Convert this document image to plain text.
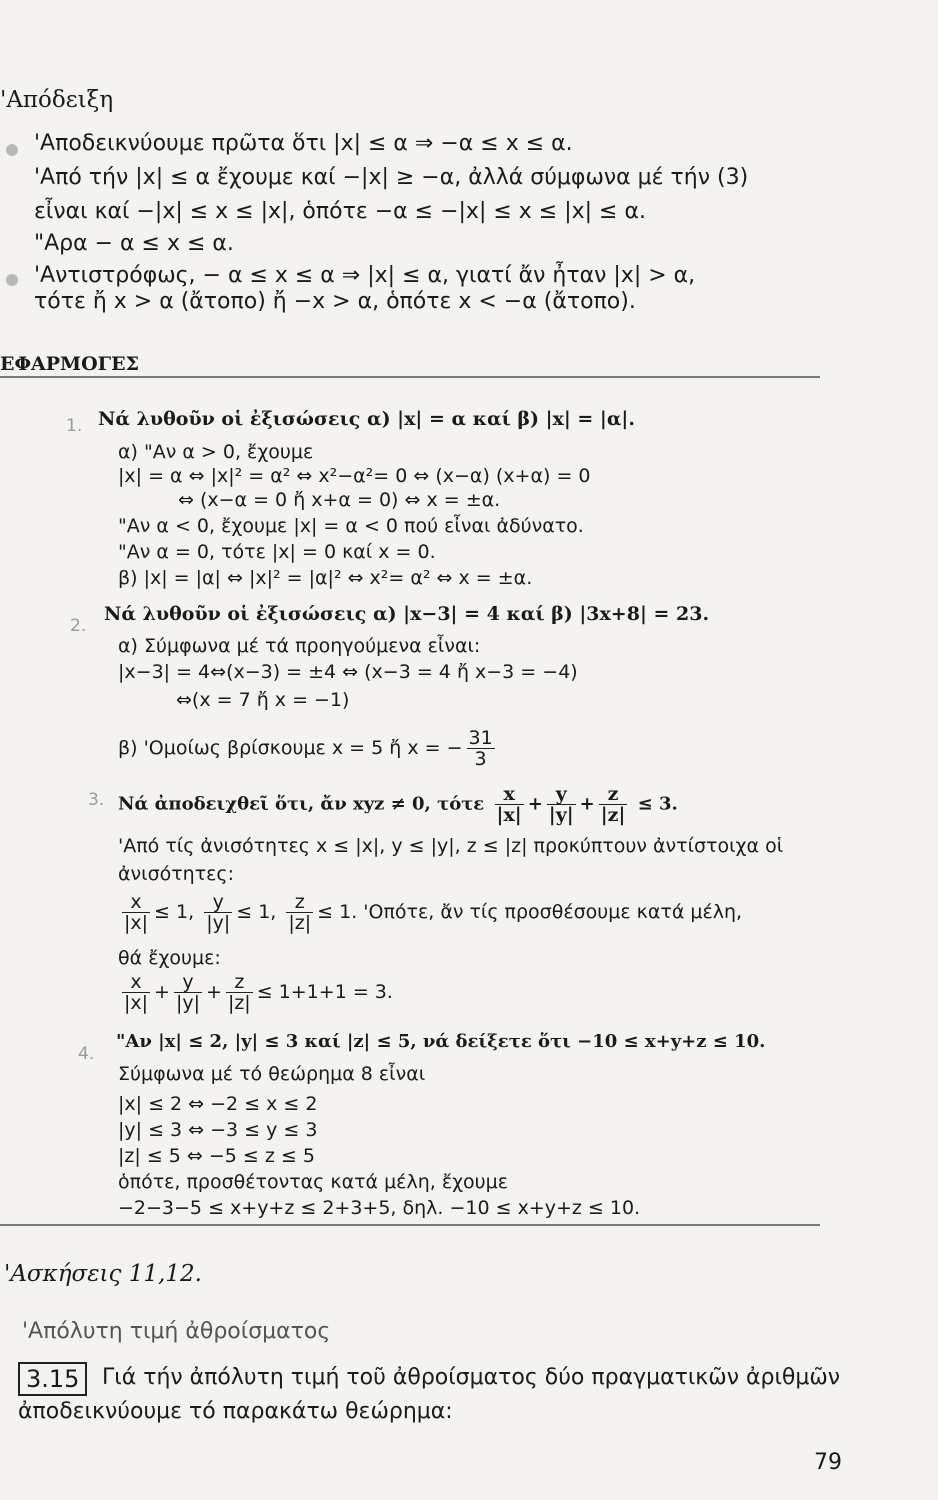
'Απόδειξη
'Αποδεικνύουμε πρῶτα ὅτι |x| ≤ α ⇒ −α ≤ x ≤ α.
'Από τήν |x| ≤ α ἔχουμε καί −|x| ≥ −α, ἀλλά σύμφωνα μέ τήν (3)
εἶναι καί −|x| ≤ x ≤ |x|, ὁπότε −α ≤ −|x| ≤ x ≤ |x| ≤ α.
"Αρα − α ≤ x ≤ α.
'Αντιστρόφως, − α ≤ x ≤ α ⇒ |x| ≤ α, γιατί ἄν ἦταν |x| > α,
τότε ἤ x > α (ἄτοπο) ἤ −x > α, ὁπότε x < −α (ἄτοπο).
ΕΦΑΡΜΟΓΕΣ
1. Νά λυθοῦν οἱ ἐξισώσεις α) |x| = α καί β) |x| = |α|.
α) "Αν α > 0, ἔχουμε
|x| = α ⇔ |x|² = α² ⇔ x²−α²= 0 ⇔ (x−α) (x+α) = 0
⇔ (x−α = 0 ἤ x+α = 0) ⇔ x = ±α.
"Αν α < 0, ἔχουμε |x| = α < 0 πού εἶναι ἀδύνατο.
"Αν α = 0, τότε |x| = 0 καί x = 0.
β) |x| = |α| ⇔ |x|² = |α|² ⇔ x²= α² ⇔ x = ±α.
2.
Νά λυθοῦν οἱ ἐξισώσεις α) |x−3| = 4 καί β) |3x+8| = 23.
α) Σύμφωνα μέ τά προηγούμενα εἶναι:
|x−3| = 4⇔(x−3) = ±4 ⇔ (x−3 = 4 ἤ x−3 = −4)
⇔(x = 7 ἤ x = −1)
β) 'Ομοίως βρίσκουμε x = 5 ἤ x = − $\frac{31}{3}$
3. Νά ἀποδειχθεῖ ὅτι, ἄν xyz ≠ 0, τότε $\frac{x}{|x|} + \frac{y}{|y|} + \frac{z}{|z|} \le 3$.
'Από τίς ἀνισότητες x ≤ |x|, y ≤ |y|, z ≤ |z| προκύπτουν ἀντίστοιχα οἱ
ἀνισότητες:
$\frac{x}{|x|} \le 1$, $\frac{y}{|y|} \le 1$, $\frac{z}{|z|} \le 1$. 'Οπότε, ἄν τίς προσθέσουμε κατά μέλη,
θά ἔχουμε:
$\frac{x}{|x|} + \frac{y}{|y|} + \frac{z}{|z|} \le 1+1+1 = 3$.
4.
"Αν |x| ≤ 2, |y| ≤ 3 καί |z| ≤ 5, νά δείξετε ὅτι −10 ≤ x+y+z ≤ 10.
Σύμφωνα μέ τό θεώρημα 8 εἶναι
|x| ≤ 2 ⇔ −2 ≤ x ≤ 2
|y| ≤ 3 ⇔ −3 ≤ y ≤ 3
|z| ≤ 5 ⇔ −5 ≤ z ≤ 5
ὁπότε, προσθέτοντας κατά μέλη, ἔχουμε
−2−3−5 ≤ x+y+z ≤ 2+3+5, δηλ. −10 ≤ x+y+z ≤ 10.
'Ασκήσεις 11,12.
'Απόλυτη τιμή ἀθροίσματος
3.15	Γιά τήν ἀπόλυτη τιμή τοῦ ἀθροίσματος δύο πραγματικῶν ἀριθμῶν
ἀποδεικνύουμε τό παρακάτω θεώρημα:
79
